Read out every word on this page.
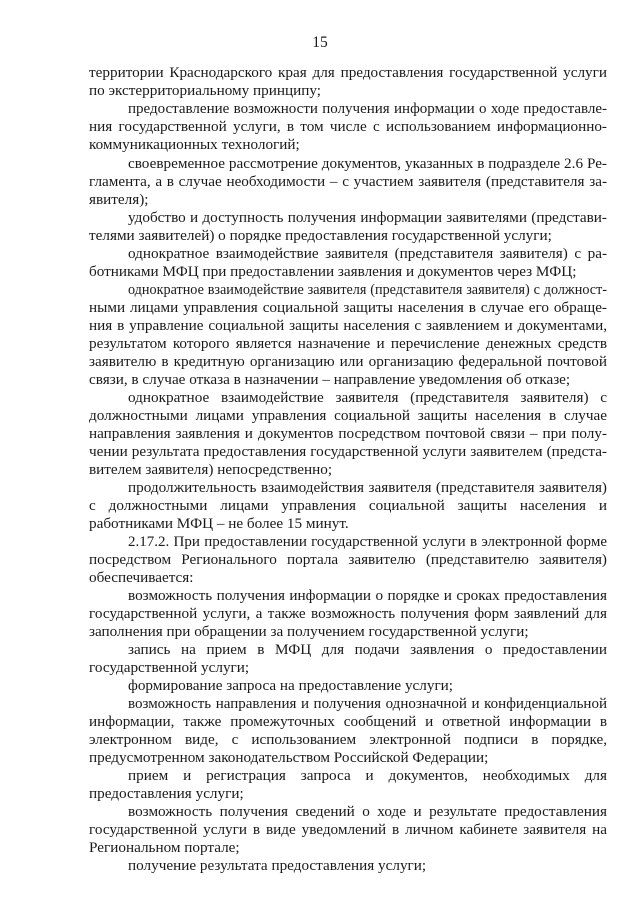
15
территории Краснодарского края для предоставления государственной услуги
по экстерриториальному принципу;
предоставление возможности получения информации о ходе предоставле-
ния государственной услуги, в том числе с использованием информационно-
коммуникационных технологий;
своевременное рассмотрение документов, указанных в подразделе 2.6 Ре-
гламента, а в случае необходимости – с участием заявителя (представителя за-
явителя);
удобство и доступность получения информации заявителями (представи-
телями заявителей) о порядке предоставления государственной услуги;
однократное взаимодействие заявителя (представителя заявителя) с ра-
ботниками МФЦ при предоставлении заявления и документов через МФЦ;
однократное взаимодействие заявителя (представителя заявителя) с должност-
ными лицами управления социальной защиты населения в случае его обраще-
ния в управление социальной защиты населения с заявлением и документами,
результатом которого является назначение и перечисление денежных средств
заявителю в кредитную организацию или организацию федеральной почтовой
связи, в случае отказа в назначении – направление уведомления об отказе;
однократное взаимодействие заявителя (представителя заявителя) с
должностными лицами управления социальной защиты населения в случае
направления заявления и документов посредством почтовой связи – при полу-
чении результата предоставления государственной услуги заявителем (предста-
вителем заявителя) непосредственно;
продолжительность взаимодействия заявителя (представителя заявителя)
с должностными лицами управления социальной защиты населения и
работниками МФЦ – не более 15 минут.
2.17.2. При предоставлении государственной услуги в электронной форме
посредством Регионального портала заявителю (представителю заявителя)
обеспечивается:
возможность получения информации о порядке и сроках предоставления
государственной услуги, а также возможность получения форм заявлений для
заполнения при обращении за получением государственной услуги;
запись на прием в МФЦ для подачи заявления о предоставлении
государственной услуги;
формирование запроса на предоставление услуги;
возможность направления и получения однозначной и конфиденциальной
информации, также промежуточных сообщений и ответной информации в
электронном виде, с использованием электронной подписи в порядке,
предусмотренном законодательством Российской Федерации;
прием и регистрация запроса и документов, необходимых для
предоставления услуги;
возможность получения сведений о ходе и результате предоставления
государственной услуги в виде уведомлений в личном кабинете заявителя на
Региональном портале;
получение результата предоставления услуги;
